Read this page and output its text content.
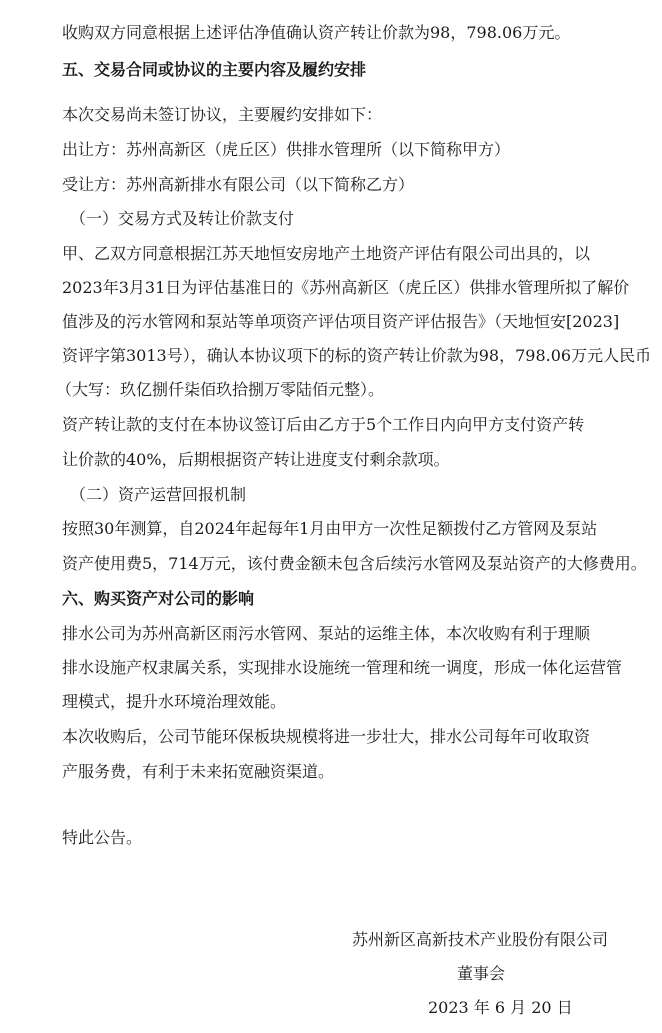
收购双方同意根据上述评估净值确认资产转让价款为98，798.06万元。
五、交易合同或协议的主要内容及履约安排
本次交易尚未签订协议，主要履约安排如下：
出让方：苏州高新区（虎丘区）供排水管理所（以下简称甲方）
受让方：苏州高新排水有限公司（以下简称乙方）
（一）交易方式及转让价款支付
甲、乙双方同意根据江苏天地恒安房地产土地资产评估有限公司出具的，以
2023年3月31日为评估基准日的《苏州高新区（虎丘区）供排水管理所拟了解价
值涉及的污水管网和泵站等单项资产评估项目资产评估报告》（天地恒安[2023]
资评字第3013号），确认本协议项下的标的资产转让价款为98，798.06万元人民币
（大写：玖亿捌仟柒佰玖拾捌万零陆佰元整）。
资产转让款的支付在本协议签订后由乙方于5个工作日内向甲方支付资产转
让价款的40%，后期根据资产转让进度支付剩余款项。
（二）资产运营回报机制
按照30年测算，自2024年起每年1月由甲方一次性足额拨付乙方管网及泵站
资产使用费5，714万元，该付费金额未包含后续污水管网及泵站资产的大修费用。
六、购买资产对公司的影响
排水公司为苏州高新区雨污水管网、泵站的运维主体，本次收购有利于理顺
排水设施产权隶属关系，实现排水设施统一管理和统一调度，形成一体化运营管
理模式，提升水环境治理效能。
本次收购后，公司节能环保板块规模将进一步壮大，排水公司每年可收取资
产服务费，有利于未来拓宽融资渠道。
特此公告。
苏州新区高新技术产业股份有限公司
董事会
2023 年 6 月 20 日
